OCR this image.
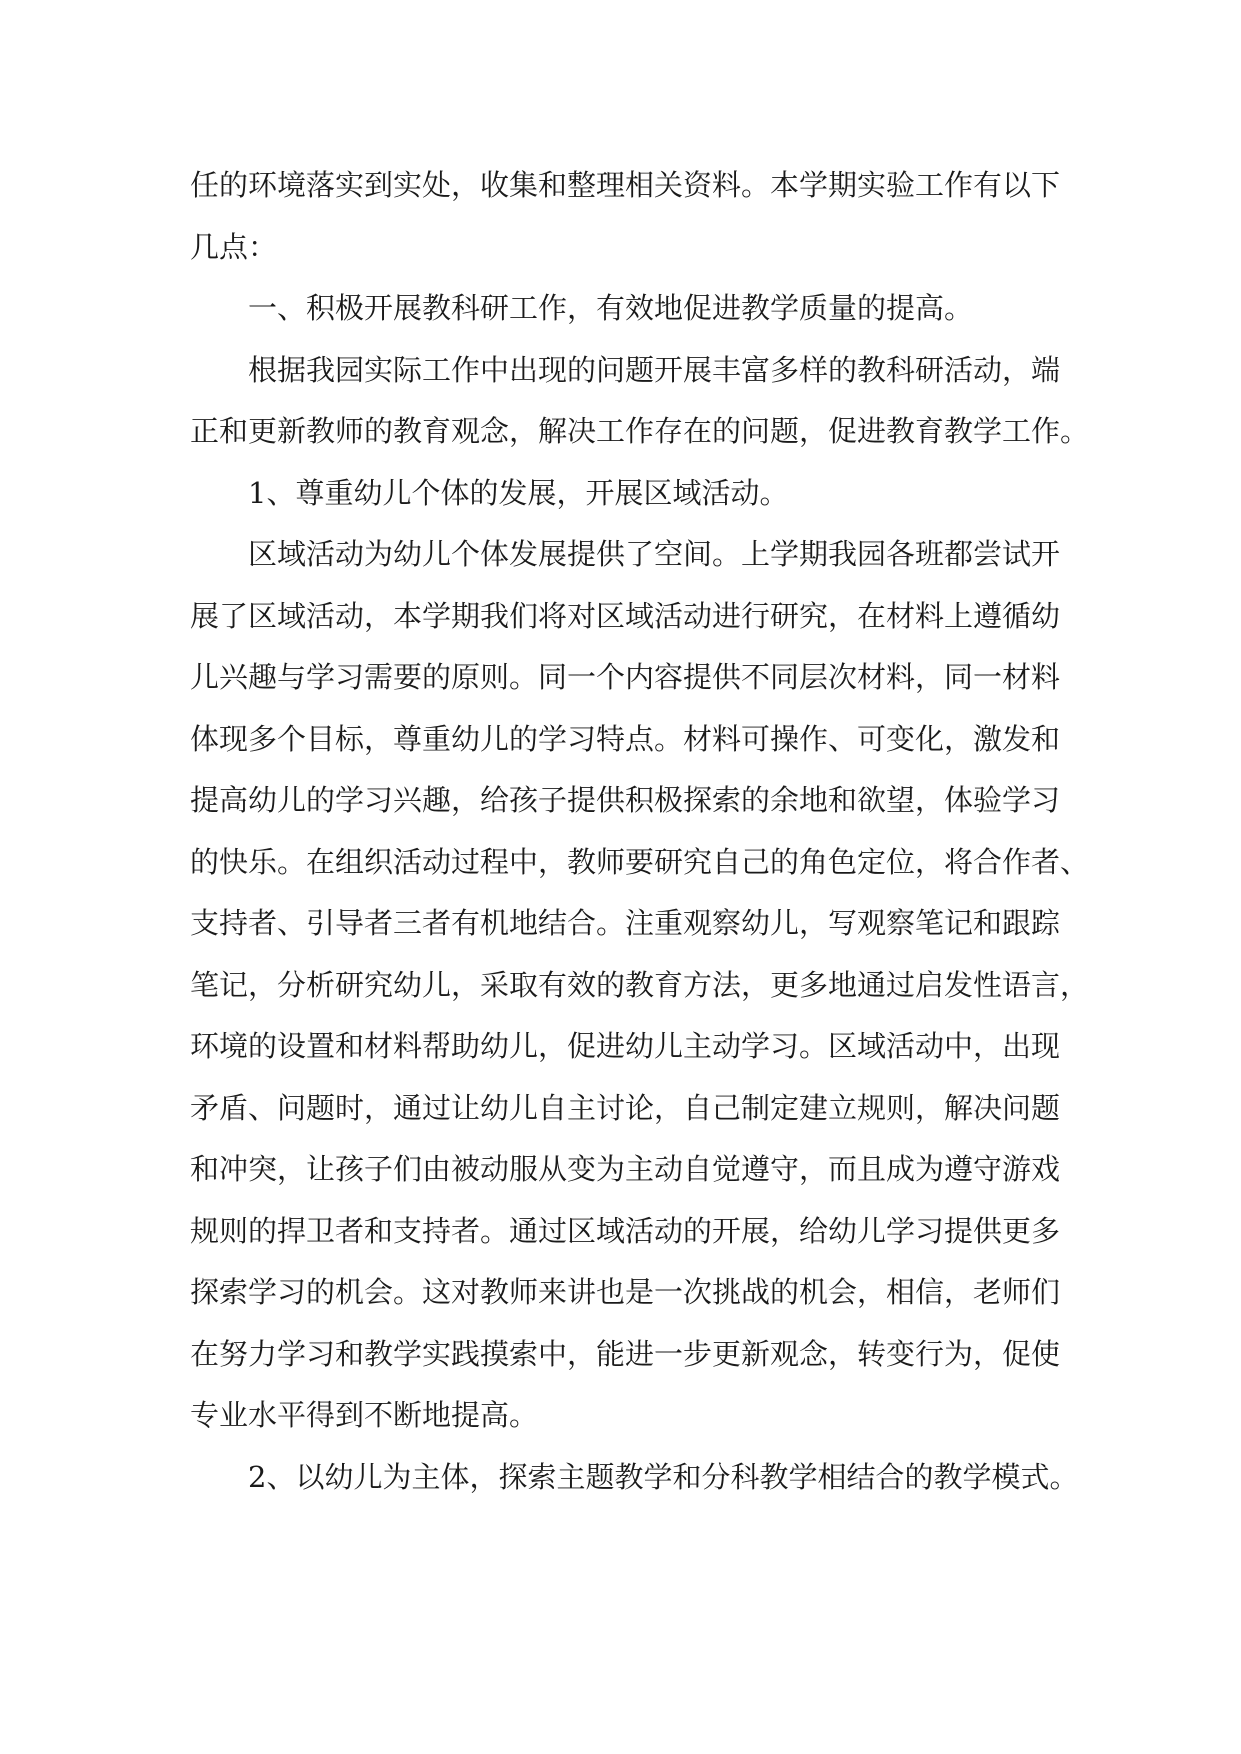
任的环境落实到实处，收集和整理相关资料。本学期实验工作有以下
几点：

一、积极开展教科研工作，有效地促进教学质量的提高。

根据我园实际工作中出现的问题开展丰富多样的教科研活动，端
正和更新教师的教育观念，解决工作存在的问题，促进教育教学工作。

1、尊重幼儿个体的发展，开展区域活动。

区域活动为幼儿个体发展提供了空间。上学期我园各班都尝试开
展了区域活动，本学期我们将对区域活动进行研究，在材料上遵循幼
儿兴趣与学习需要的原则。同一个内容提供不同层次材料，同一材料
体现多个目标，尊重幼儿的学习特点。材料可操作、可变化，激发和
提高幼儿的学习兴趣，给孩子提供积极探索的余地和欲望，体验学习
的快乐。在组织活动过程中，教师要研究自己的角色定位，将合作者、
支持者、引导者三者有机地结合。注重观察幼儿，写观察笔记和跟踪
笔记，分析研究幼儿，采取有效的教育方法，更多地通过启发性语言，
环境的设置和材料帮助幼儿，促进幼儿主动学习。区域活动中，出现
矛盾、问题时，通过让幼儿自主讨论，自己制定建立规则，解决问题
和冲突，让孩子们由被动服从变为主动自觉遵守，而且成为遵守游戏
规则的捍卫者和支持者。通过区域活动的开展，给幼儿学习提供更多
探索学习的机会。这对教师来讲也是一次挑战的机会，相信，老师们
在努力学习和教学实践摸索中，能进一步更新观念，转变行为，促使
专业水平得到不断地提高。

2、以幼儿为主体，探索主题教学和分科教学相结合的教学模式。
